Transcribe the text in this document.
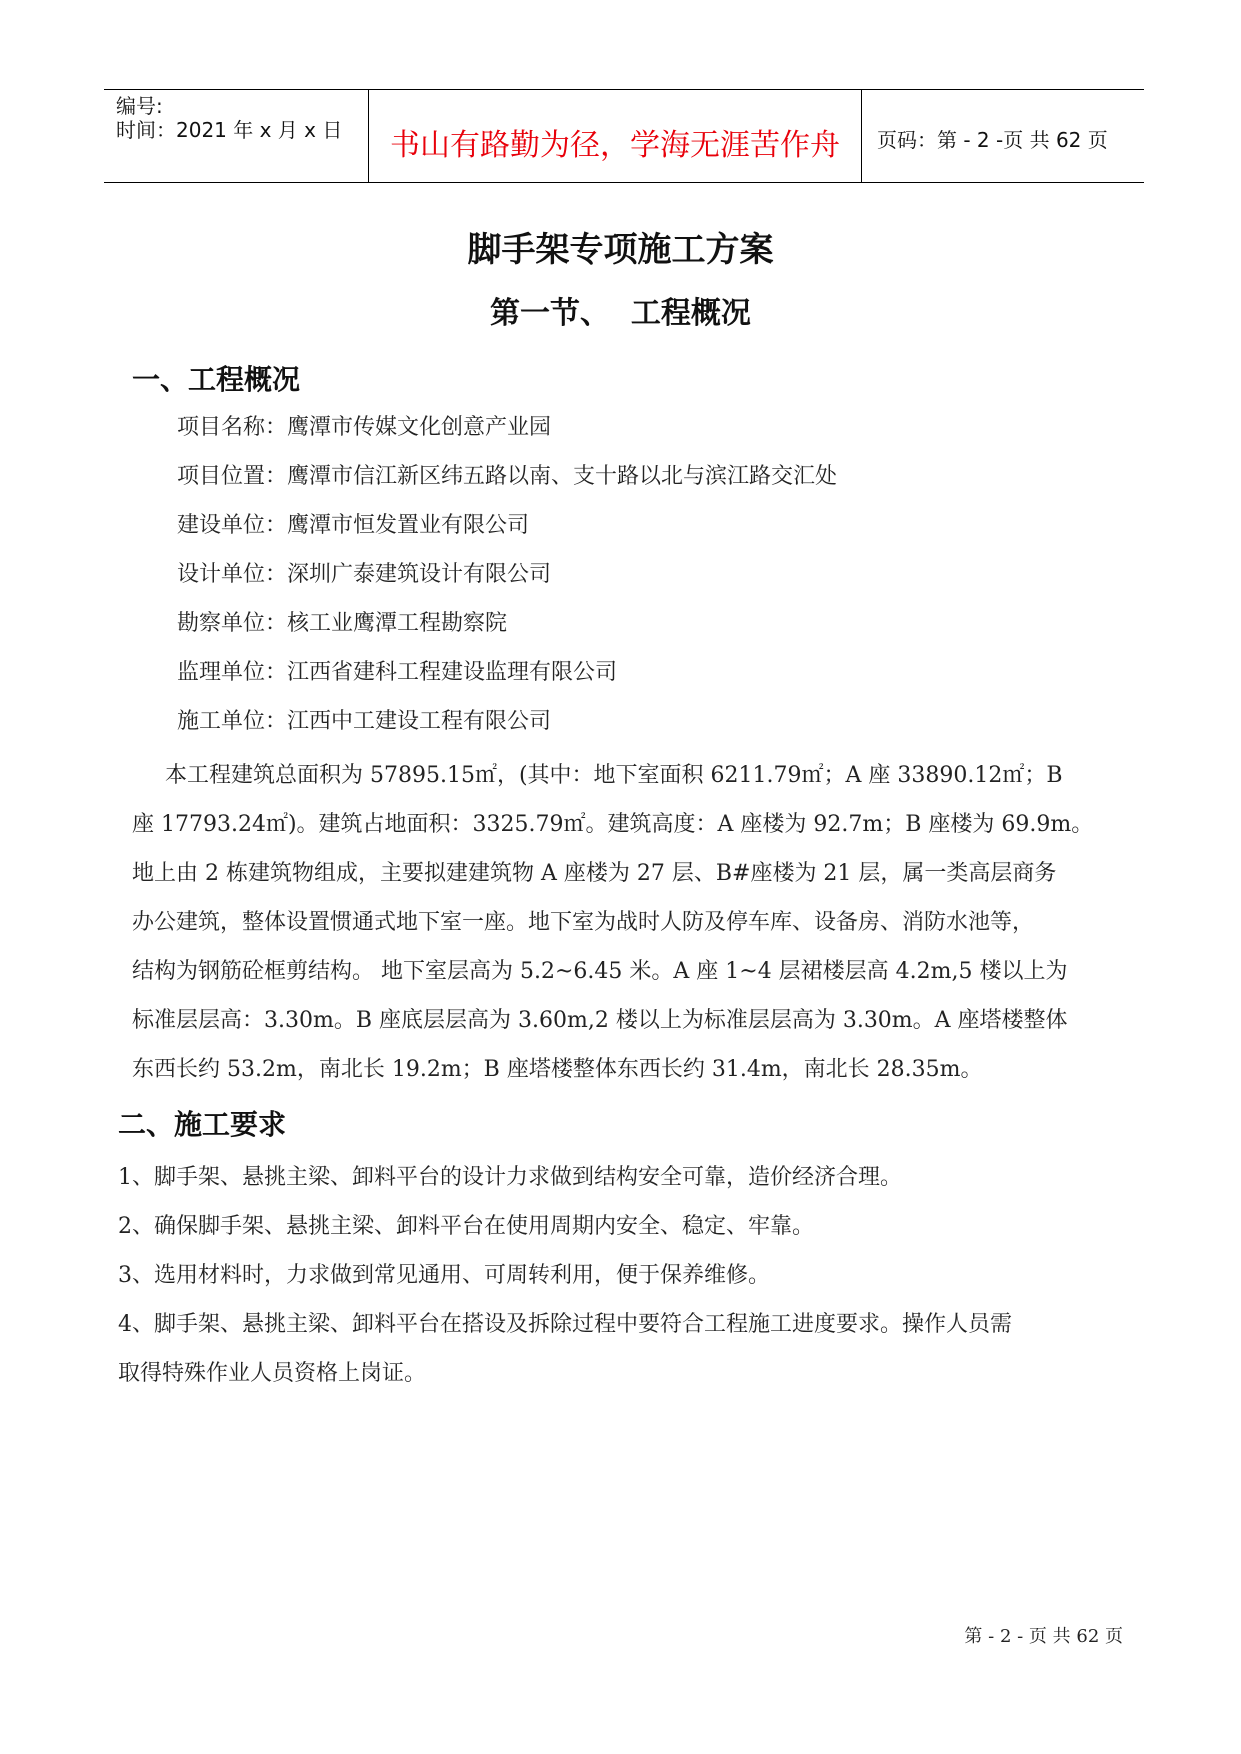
编号:
时间：2021 年 x 月 x 日	书山有路勤为径，学海无涯苦作舟	页码：第 - 2 -页 共 62 页
脚手架专项施工方案
第一节、  工程概况
一、工程概况
项目名称：鹰潭市传媒文化创意产业园
项目位置：鹰潭市信江新区纬五路以南、支十路以北与滨江路交汇处
建设单位：鹰潭市恒发置业有限公司
设计单位：深圳广泰建筑设计有限公司
勘察单位：核工业鹰潭工程勘察院
监理单位：江西省建科工程建设监理有限公司
施工单位：江西中工建设工程有限公司
本工程建筑总面积为 57895.15㎡，(其中：地下室面积 6211.79㎡；A 座 33890.12㎡；B
座 17793.24㎡)。建筑占地面积：3325.79㎡。建筑高度：A 座楼为 92.7m；B 座楼为 69.9m。
地上由 2 栋建筑物组成，主要拟建建筑物 A 座楼为 27 层、B#座楼为 21 层，属一类高层商务
办公建筑，整体设置惯通式地下室一座。地下室为战时人防及停车库、设备房、消防水池等，
结构为钢筋砼框剪结构。 地下室层高为 5.2~6.45 米。A 座 1~4 层裙楼层高 4.2m,5 楼以上为
标准层层高：3.30m。B 座底层层高为 3.60m,2 楼以上为标准层层高为 3.30m。A 座塔楼整体
东西长约 53.2m，南北长 19.2m；B 座塔楼整体东西长约 31.4m，南北长 28.35m。
二、施工要求
1、脚手架、悬挑主梁、卸料平台的设计力求做到结构安全可靠，造价经济合理。
2、确保脚手架、悬挑主梁、卸料平台在使用周期内安全、稳定、牢靠。
3、选用材料时，力求做到常见通用、可周转利用，便于保养维修。
4、脚手架、悬挑主梁、卸料平台在搭设及拆除过程中要符合工程施工进度要求。操作人员需
取得特殊作业人员资格上岗证。
第 - 2 - 页 共 62 页
